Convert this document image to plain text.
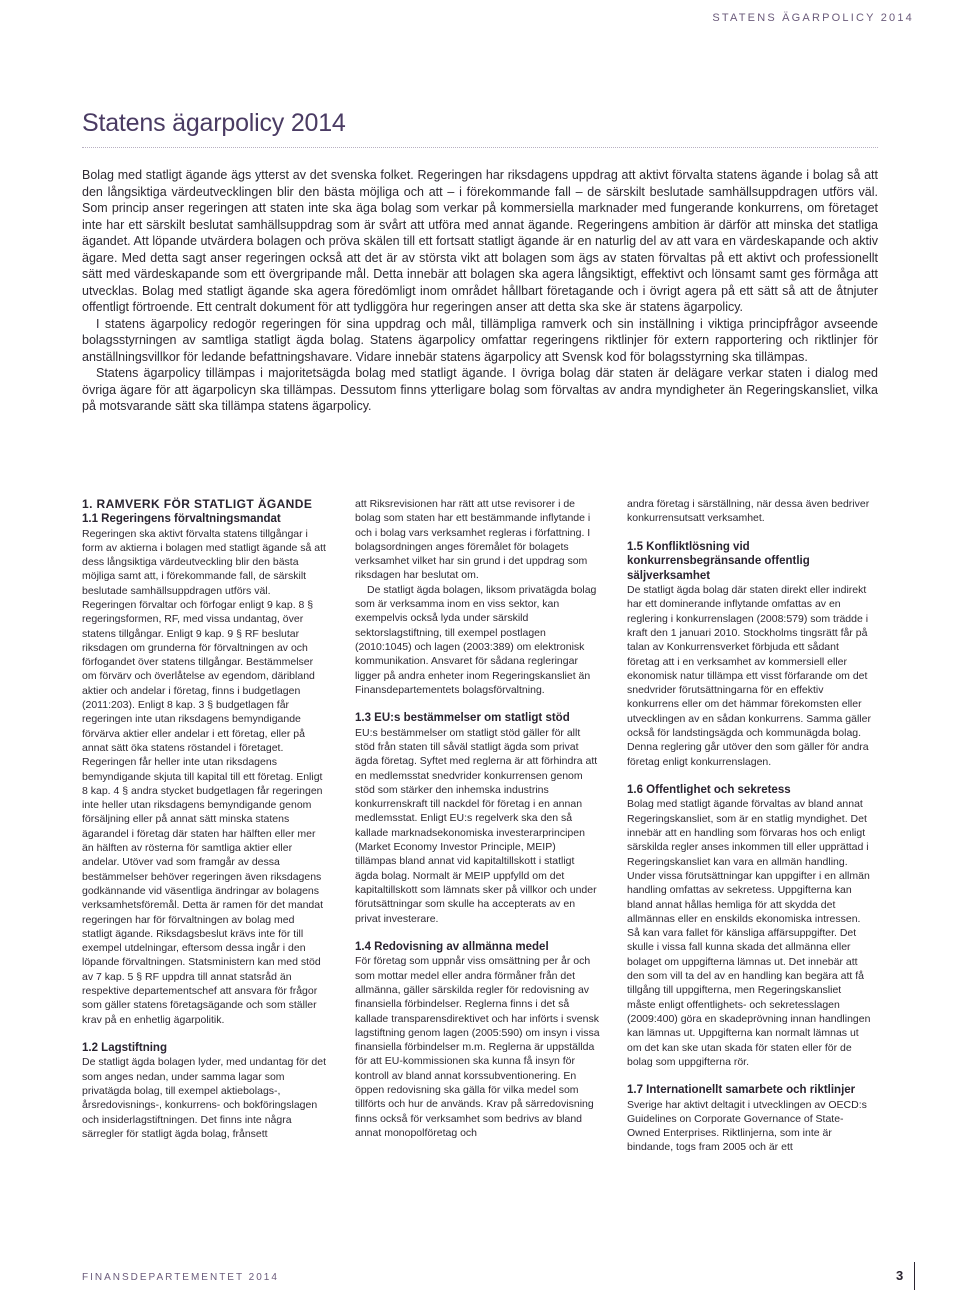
STATENS ÄGARPOLICY 2014
Statens ägarpolicy 2014

Bolag med statligt ägande ägs ytterst av det svenska folket. Regeringen har riksdagens uppdrag att aktivt förvalta statens ägande i bolag så att den långsiktiga värdeutvecklingen blir den bästa möjliga och att – i förekommande fall – de särskilt beslutade samhällsuppdragen utförs väl. Som princip anser regeringen att staten inte ska äga bolag som verkar på kommersiella marknader med fungerande konkurrens, om företaget inte har ett särskilt beslutat samhällsuppdrag som är svårt att utföra med annat ägande. Regeringens ambition är därför att minska det statliga ägandet. Att löpande utvärdera bolagen och pröva skälen till ett fortsatt statligt ägande är en naturlig del av att vara en värdeskapande och aktiv ägare. Med detta sagt anser regeringen också att det är av största vikt att bolagen som ägs av staten förvaltas på ett aktivt och professionellt sätt med värdeskapande som ett övergripande mål. Detta innebär att bolagen ska agera långsiktigt, effektivt och lönsamt samt ges förmåga att utvecklas. Bolag med statligt ägande ska agera föredömligt inom området hållbart företagande och i övrigt agera på ett sätt så att de åtnjuter offentligt förtroende. Ett centralt dokument för att tydliggöra hur regeringen anser att detta ska ske är statens ägarpolicy.

I statens ägarpolicy redogör regeringen för sina uppdrag och mål, tillämpliga ramverk och sin inställning i viktiga principfrågor avseende bolagsstyrningen av samtliga statligt ägda bolag. Statens ägarpolicy omfattar regeringens riktlinjer för extern rapportering och riktlinjer för anställningsvillkor för ledande befattningshavare. Vidare innebär statens ägarpolicy att Svensk kod för bolagsstyrning ska tillämpas.

Statens ägarpolicy tillämpas i majoritetsägda bolag med statligt ägande. I övriga bolag där staten är delägare verkar staten i dialog med övriga ägare för att ägarpolicyn ska tillämpas. Dessutom finns ytterligare bolag som förvaltas av andra myndigheter än Regeringskansliet, vilka på motsvarande sätt ska tillämpa statens ägarpolicy.

1. RAMVERK FÖR STATLIGT ÄGANDE
1.1 Regeringens förvaltningsmandat

Regeringen ska aktivt förvalta statens tillgångar i form av aktierna i bolagen med statligt ägande så att dess långsiktiga värdeutveckling blir den bästa möjliga samt att, i förekommande fall, de särskilt beslutade samhällsuppdragen utförs väl. Regeringen förvaltar och förfogar enligt 9 kap. 8 § regeringsformen, RF, med vissa undantag, över statens tillgångar. Enligt 9 kap. 9 § RF beslutar riksdagen om grunderna för förvaltningen av och förfogandet över statens tillgångar. Bestämmelser om förvärv och överlåtelse av egendom, däribland aktier och andelar i företag, finns i budgetlagen (2011:203). Enligt 8 kap. 3 § budgetlagen får regeringen inte utan riksdagens bemyndigande förvärva aktier eller andelar i ett företag, eller på annat sätt öka statens röstandel i företaget. Regeringen får heller inte utan riksdagens bemyndigande skjuta till kapital till ett företag. Enligt 8 kap. 4 § andra stycket budgetlagen får regeringen inte heller utan riksdagens bemyndigande genom försäljning eller på annat sätt minska statens ägarandel i företag där staten har hälften eller mer än hälften av rösterna för samtliga aktier eller andelar. Utöver vad som framgår av dessa bestämmelser behöver regeringen även riksdagens godkännande vid väsentliga ändringar av bolagens verksamhetsföremål. Detta är ramen för det mandat regeringen har för förvaltningen av bolag med statligt ägande. Riksdagsbeslut krävs inte för till exempel utdelningar, eftersom dessa ingår i den löpande förvaltningen. Statsministern kan med stöd av 7 kap. 5 § RF uppdra till annat statsråd än respektive departementschef att ansvara för frågor som gäller statens företagsägande och som ställer krav på en enhetlig ägarpolitik.

1.2 Lagstiftning

De statligt ägda bolagen lyder, med undantag för det som anges nedan, under samma lagar som privatägda bolag, till exempel aktiebolags-, årsredovisnings-, konkurrens- och bokföringslagen och insiderlagstiftningen. Det finns inte några särregler för statligt ägda bolag, frånsett

att Riksrevisionen har rätt att utse revisorer i de bolag som staten har ett bestämmande inflytande i och i bolag vars verksamhet regleras i författning. I bolagsordningen anges föremålet för bolagets verksamhet vilket har sin grund i det uppdrag som riksdagen har beslutat om.

De statligt ägda bolagen, liksom privatägda bolag som är verksamma inom en viss sektor, kan exempelvis också lyda under särskild sektorslagstiftning, till exempel postlagen (2010:1045) och lagen (2003:389) om elektronisk kommunikation. Ansvaret för sådana regleringar ligger på andra enheter inom Regeringskansliet än Finansdepartementets bolagsförvaltning.

1.3 EU:s bestämmelser om statligt stöd

EU:s bestämmelser om statligt stöd gäller för allt stöd från staten till såväl statligt ägda som privat ägda företag. Syftet med reglerna är att förhindra att en medlemsstat snedvrider konkurrensen genom stöd som stärker den inhemska industrins konkurrenskraft till nackdel för företag i en annan medlemsstat. Enligt EU:s regelverk ska den så kallade marknadsekonomiska investerarprincipen (Market Economy Investor Principle, MEIP) tillämpas bland annat vid kapitaltillskott i statligt ägda bolag. Normalt är MEIP uppfylld om det kapitaltillskott som lämnats sker på villkor och under förutsättningar som skulle ha accepterats av en privat investerare.

1.4 Redovisning av allmänna medel

För företag som uppnår viss omsättning per år och som mottar medel eller andra förmåner från det allmänna, gäller särskilda regler för redovisning av finansiella förbindelser. Reglerna finns i det så kallade transparensdirektivet och har införts i svensk lagstiftning genom lagen (2005:590) om insyn i vissa finansiella förbindelser m.m. Reglerna är uppställda för att EU-kommissionen ska kunna få insyn för kontroll av bland annat korssubventionering. En öppen redovisning ska gälla för vilka medel som tillförts och hur de används. Krav på särredovisning finns också för verksamhet som bedrivs av bland annat monopolföretag och

andra företag i särställning, när dessa även bedriver konkurrensutsatt verksamhet.

1.5 Konfliktlösning vid konkurrensbegränsande offentlig säljverksamhet

De statligt ägda bolag där staten direkt eller indirekt har ett dominerande inflytande omfattas av en reglering i konkurrenslagen (2008:579) som trädde i kraft den 1 januari 2010. Stockholms tingsrätt får på talan av Konkurrensverket förbjuda ett sådant företag att i en verksamhet av kommersiell eller ekonomisk natur tillämpa ett visst förfarande om det snedvrider förutsättningarna för en effektiv konkurrens eller om det hämmar förekomsten eller utvecklingen av en sådan konkurrens. Samma gäller också för landstingsägda och kommunägda bolag. Denna reglering går utöver den som gäller för andra företag enligt konkurrenslagen.

1.6 Offentlighet och sekretess

Bolag med statligt ägande förvaltas av bland annat Regeringskansliet, som är en statlig myndighet. Det innebär att en handling som förvaras hos och enligt särskilda regler anses inkommen till eller upprättad i Regeringskansliet kan vara en allmän handling. Under vissa förutsättningar kan uppgifter i en allmän handling omfattas av sekretess. Uppgifterna kan bland annat hållas hemliga för att skydda det allmännas eller en enskilds ekonomiska intressen. Så kan vara fallet för känsliga affärsuppgifter. Det skulle i vissa fall kunna skada det allmänna eller bolaget om uppgifterna lämnas ut. Det innebär att den som vill ta del av en handling kan begära att få tillgång till uppgifterna, men Regeringskansliet måste enligt offentlighets- och sekretesslagen (2009:400) göra en skadeprövning innan handlingen kan lämnas ut. Uppgifterna kan normalt lämnas ut om det kan ske utan skada för staten eller för de bolag som uppgifterna rör.

1.7 Internationellt samarbete och riktlinjer

Sverige har aktivt deltagit i utvecklingen av OECD:s Guidelines on Corporate Governance of State-Owned Enterprises. Riktlinjerna, som inte är bindande, togs fram 2005 och är ett

FINANSDEPARTEMENTET 2014	3
